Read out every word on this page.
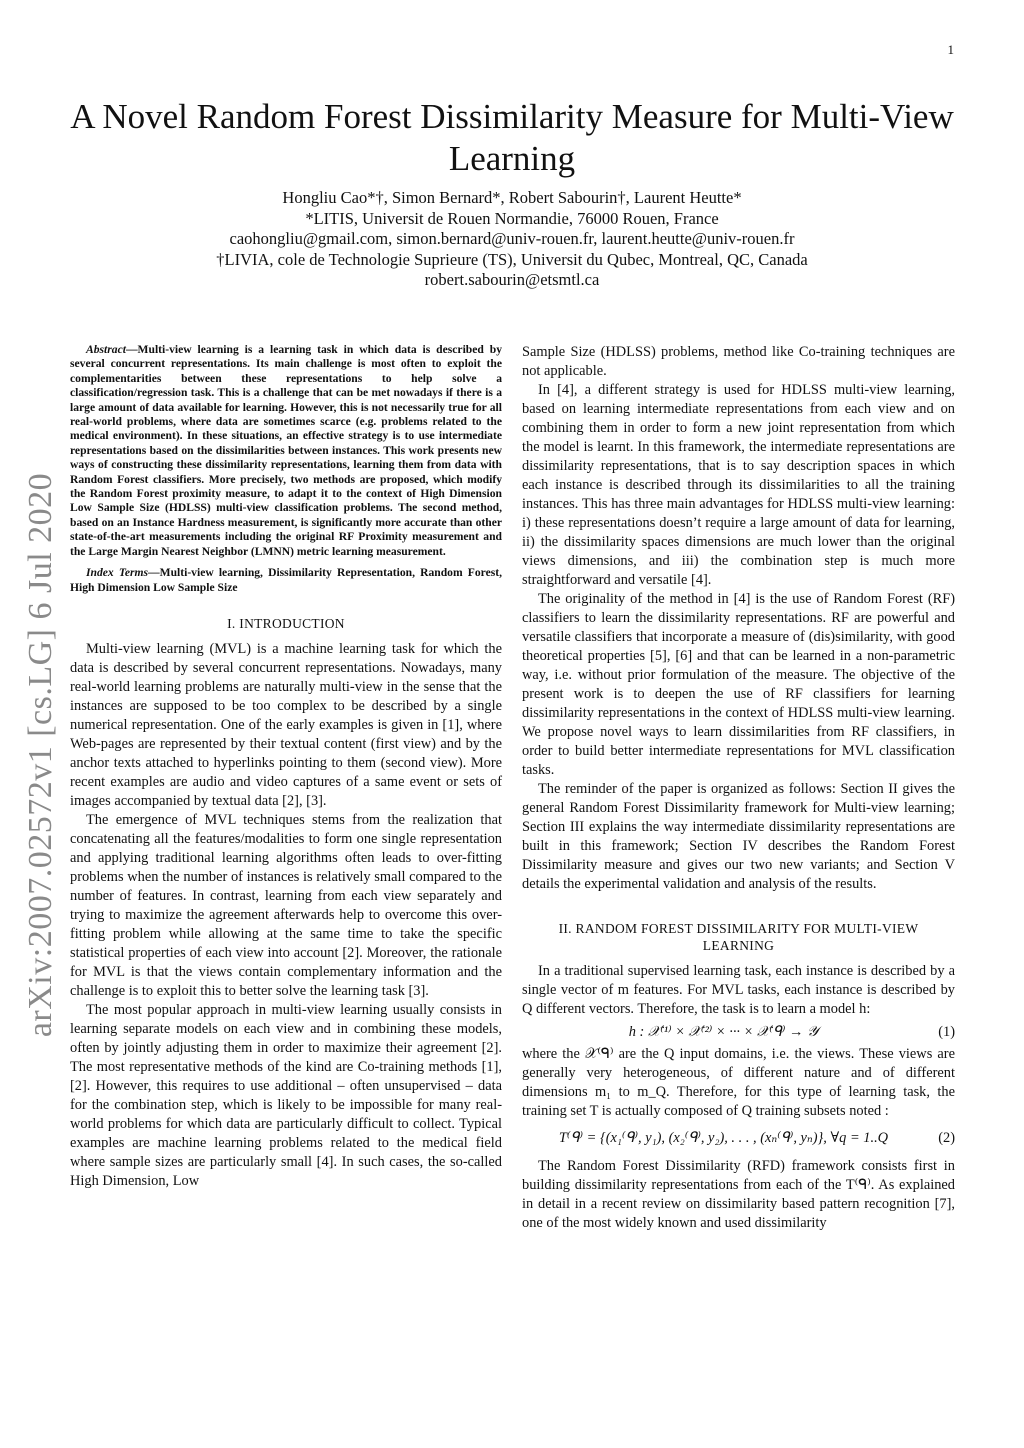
1
arXiv:2007.02572v1 [cs.LG] 6 Jul 2020
A Novel Random Forest Dissimilarity Measure for Multi-View Learning
Hongliu Cao*†, Simon Bernard*, Robert Sabourin†, Laurent Heutte*
*LITIS, Universit de Rouen Normandie, 76000 Rouen, France
caohongliu@gmail.com, simon.bernard@univ-rouen.fr, laurent.heutte@univ-rouen.fr
†LIVIA, cole de Technologie Suprieure (TS), Universit du Qubec, Montreal, QC, Canada
robert.sabourin@etsmtl.ca

Abstract—Multi-view learning is a learning task in which data is described by several concurrent representations. Its main challenge is most often to exploit the complementarities between these representations to help solve a classification/regression task. This is a challenge that can be met nowadays if there is a large amount of data available for learning. However, this is not necessarily true for all real-world problems, where data are sometimes scarce (e.g. problems related to the medical environment). In these situations, an effective strategy is to use intermediate representations based on the dissimilarities between instances. This work presents new ways of constructing these dissimilarity representations, learning them from data with Random Forest classifiers. More precisely, two methods are proposed, which modify the Random Forest proximity measure, to adapt it to the context of High Dimension Low Sample Size (HDLSS) multi-view classification problems. The second method, based on an Instance Hardness measurement, is significantly more accurate than other state-of-the-art measurements including the original RF Proximity measurement and the Large Margin Nearest Neighbor (LMNN) metric learning measurement.

Index Terms—Multi-view learning, Dissimilarity Representation, Random Forest, High Dimension Low Sample Size

I. INTRODUCTION

Multi-view learning (MVL) is a machine learning task for which the data is described by several concurrent representations. Nowadays, many real-world learning problems are naturally multi-view in the sense that the instances are supposed to be too complex to be described by a single numerical representation. One of the early examples is given in [1], where Web-pages are represented by their textual content (first view) and by the anchor texts attached to hyperlinks pointing to them (second view). More recent examples are audio and video captures of a same event or sets of images accompanied by textual data [2], [3].

The emergence of MVL techniques stems from the realization that concatenating all the features/modalities to form one single representation and applying traditional learning algorithms often leads to over-fitting problems when the number of instances is relatively small compared to the number of features. In contrast, learning from each view separately and trying to maximize the agreement afterwards help to overcome this over-fitting problem while allowing at the same time to take the specific statistical properties of each view into account [2]. Moreover, the rationale for MVL is that the views contain complementary information and the challenge is to exploit this to better solve the learning task [3].

The most popular approach in multi-view learning usually consists in learning separate models on each view and in combining these models, often by jointly adjusting them in order to maximize their agreement [2]. The most representative methods of the kind are Co-training methods [1], [2]. However, this requires to use additional – often unsupervised – data for the combination step, which is likely to be impossible for many real-world problems for which data are particularly difficult to collect. Typical examples are machine learning problems related to the medical field where sample sizes are particularly small [4]. In such cases, the so-called High Dimension, Low

Sample Size (HDLSS) problems, method like Co-training techniques are not applicable.

In [4], a different strategy is used for HDLSS multi-view learning, based on learning intermediate representations from each view and on combining them in order to form a new joint representation from which the model is learnt. In this framework, the intermediate representations are dissimilarity representations, that is to say description spaces in which each instance is described through its dissimilarities to all the training instances. This has three main advantages for HDLSS multi-view learning: i) these representations doesn’t require a large amount of data for learning, ii) the dissimilarity spaces dimensions are much lower than the original views dimensions, and iii) the combination step is much more straightforward and versatile [4].

The originality of the method in [4] is the use of Random Forest (RF) classifiers to learn the dissimilarity representations. RF are powerful and versatile classifiers that incorporate a measure of (dis)similarity, with good theoretical properties [5], [6] and that can be learned in a non-parametric way, i.e. without prior formulation of the measure. The objective of the present work is to deepen the use of RF classifiers for learning dissimilarity representations in the context of HDLSS multi-view learning. We propose novel ways to learn dissimilarities from RF classifiers, in order to build better intermediate representations for MVL classification tasks.

The reminder of the paper is organized as follows: Section II gives the general Random Forest Dissimilarity framework for Multi-view learning; Section III explains the way intermediate dissimilarity representations are built in this framework; Section IV describes the Random Forest Dissimilarity measure and gives our two new variants; and Section V details the experimental validation and analysis of the results.

II. RANDOM FOREST DISSIMILARITY FOR MULTI-VIEW LEARNING

In a traditional supervised learning task, each instance is described by a single vector of m features. For MVL tasks, each instance is described by Q different vectors. Therefore, the task is to learn a model h:

h : 𝒳⁽¹⁾ × 𝒳⁽²⁾ × ··· × 𝒳⁽ᑫ⁾ → 𝒴	(1)

where the 𝒳⁽ᑫ⁾ are the Q input domains, i.e. the views. These views are generally very heterogeneous, of different nature and of different dimensions m₁ to m_Q. Therefore, for this type of learning task, the training set T is actually composed of Q training subsets noted :

T⁽ᑫ⁾ = {(x₁⁽ᑫ⁾, y₁), (x₂⁽ᑫ⁾, y₂), . . . , (xₙ⁽ᑫ⁾, yₙ)}, ∀q = 1..Q	(2)

The Random Forest Dissimilarity (RFD) framework consists first in building dissimilarity representations from each of the T⁽ᑫ⁾. As explained in detail in a recent review on dissimilarity based pattern recognition [7], one of the most widely known and used dissimilarity
